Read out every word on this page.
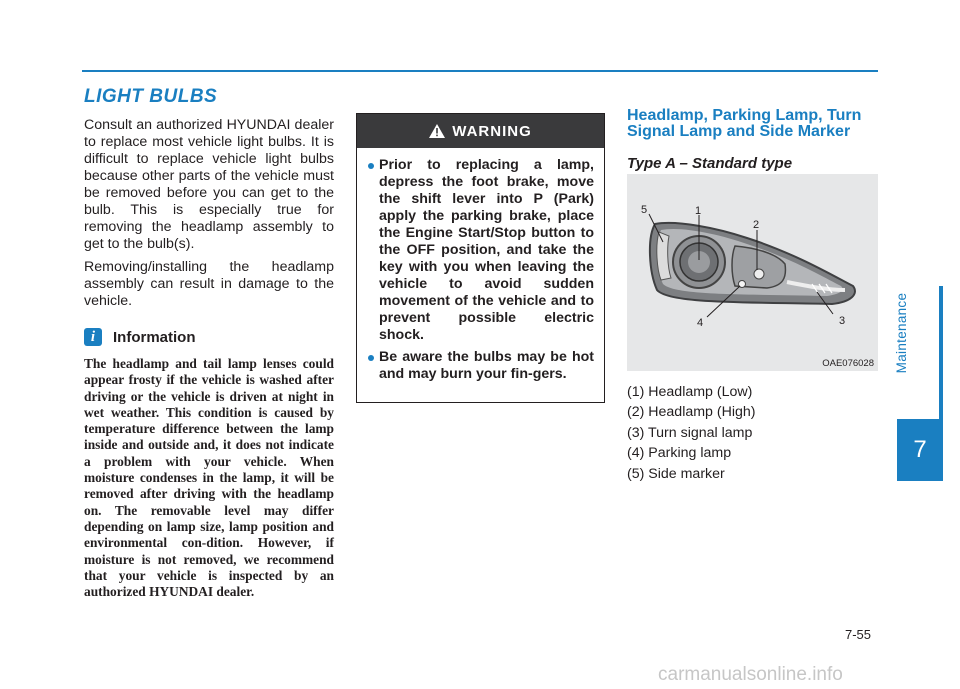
LIGHT BULBS

Consult an authorized HYUNDAI dealer to replace most vehicle light bulbs. It is difficult to replace vehicle light bulbs because other parts of the vehicle must be removed before you can get to the bulb. This is especially true for removing the headlamp assembly to get to the bulb(s).

Removing/installing the headlamp assembly can result in damage to the vehicle.

i	Information

The headlamp and tail lamp lenses could appear frosty if the vehicle is washed after driving or the vehicle is driven at night in wet weather. This condition is caused by temperature difference between the lamp inside and outside and, it does not indicate a problem with your vehicle. When moisture condenses in the lamp, it will be removed after driving with the headlamp on. The removable level may differ depending on lamp size, lamp position and environmental con-dition. However, if moisture is not removed, we recommend that your vehicle is inspected by an authorized HYUNDAI dealer.

WARNING
Prior to replacing a lamp, depress the foot brake, move the shift lever into P (Park) apply the parking brake, place the Engine Start/Stop button to the OFF position, and take the key with you when leaving the vehicle to avoid sudden movement of the vehicle and to prevent possible electric shock.
Be aware the bulbs may be hot and may burn your fin-gers.
Headlamp, Parking Lamp, Turn
Signal Lamp and Side Marker

Type A – Standard type

1
2
3
4
5
OAE076028
(1) Headlamp (Low)
(2) Headlamp (High)
(3) Turn signal lamp
(4) Parking lamp
(5) Side marker
Maintenance
7
7-55
carmanualsonline.info
